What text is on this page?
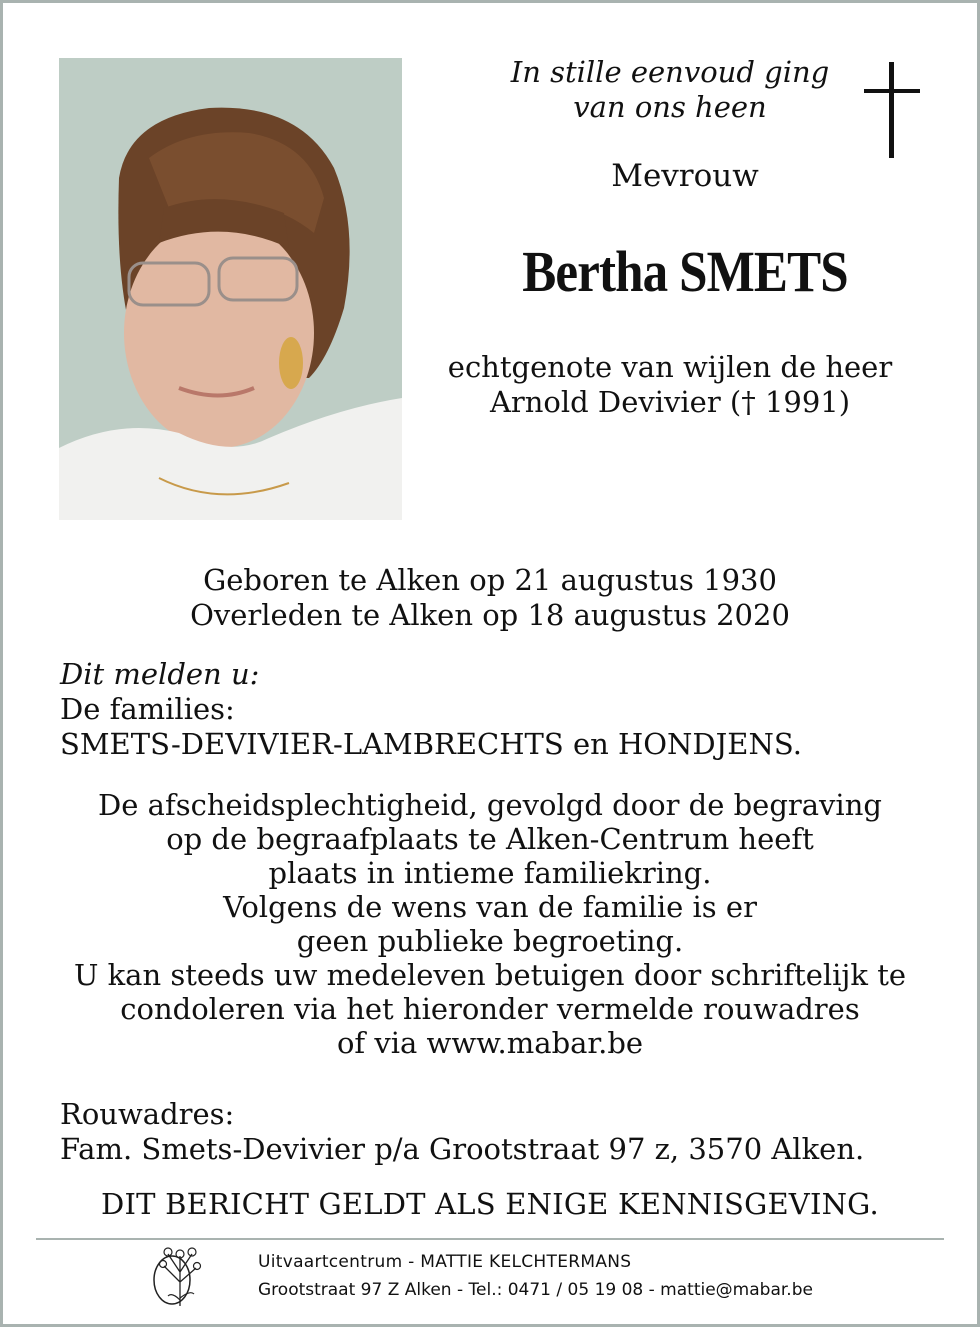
In stille eenvoud ging
van ons heen
Mevrouw
Bertha SMETS
echtgenote van wijlen de heer
Arnold Devivier († 1991)
Geboren te Alken op 21 augustus 1930
Overleden te Alken op 18 augustus 2020
Dit melden u:
De families:
SMETS-DEVIVIER-LAMBRECHTS en HONDJENS.
De afscheidsplechtigheid, gevolgd door de begraving
op de begraafplaats te Alken-Centrum heeft
plaats in intieme familiekring.
Volgens de wens van de familie is er
geen publieke begroeting.
U kan steeds uw medeleven betuigen door schriftelijk te
condoleren via het hieronder vermelde rouwadres
of via www.mabar.be
Rouwadres:
Fam. Smets-Devivier p/a Grootstraat 97 z, 3570 Alken.
DIT BERICHT GELDT ALS ENIGE KENNISGEVING.
Uitvaartcentrum - MATTIE KELCHTERMANS
Grootstraat 97 Z Alken - Tel.: 0471 / 05 19 08 - mattie@mabar.be
